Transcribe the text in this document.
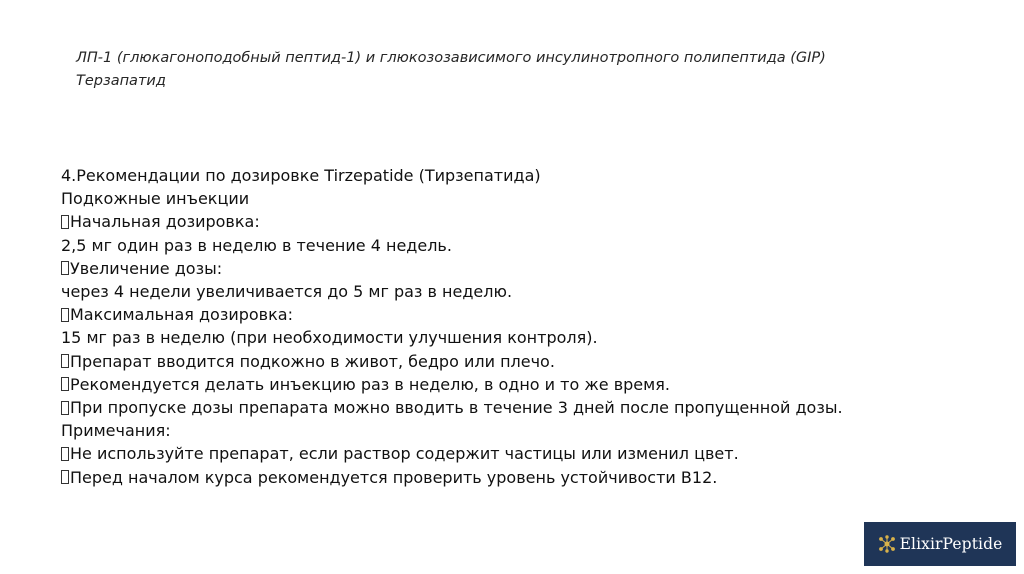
ЛП-1 (глюкагоноподобный пептид-1) и глюкозозависимого инсулинотропного полипептида (GIP)
Терзапатид
4.Рекомендации по дозировке Tirzepatide (Тирзепатида)
Подкожные инъекции
Начальная дозировка:
2,5 мг один раз в неделю в течение 4 недель.
Увеличение дозы:
через 4 недели увеличивается до 5 мг раз в неделю.
Максимальная дозировка:
15 мг раз в неделю (при необходимости улучшения контроля).
Препарат вводится подкожно в живот, бедро или плечо.
Рекомендуется делать инъекцию раз в неделю, в одно и то же время.
При пропуске дозы препарата можно вводить в течение 3 дней после пропущенной дозы.
Примечания:
Не используйте препарат, если раствор содержит частицы или изменил цвет.
Перед началом курса рекомендуется проверить уровень устойчивости В12.
ElixirPeptide
